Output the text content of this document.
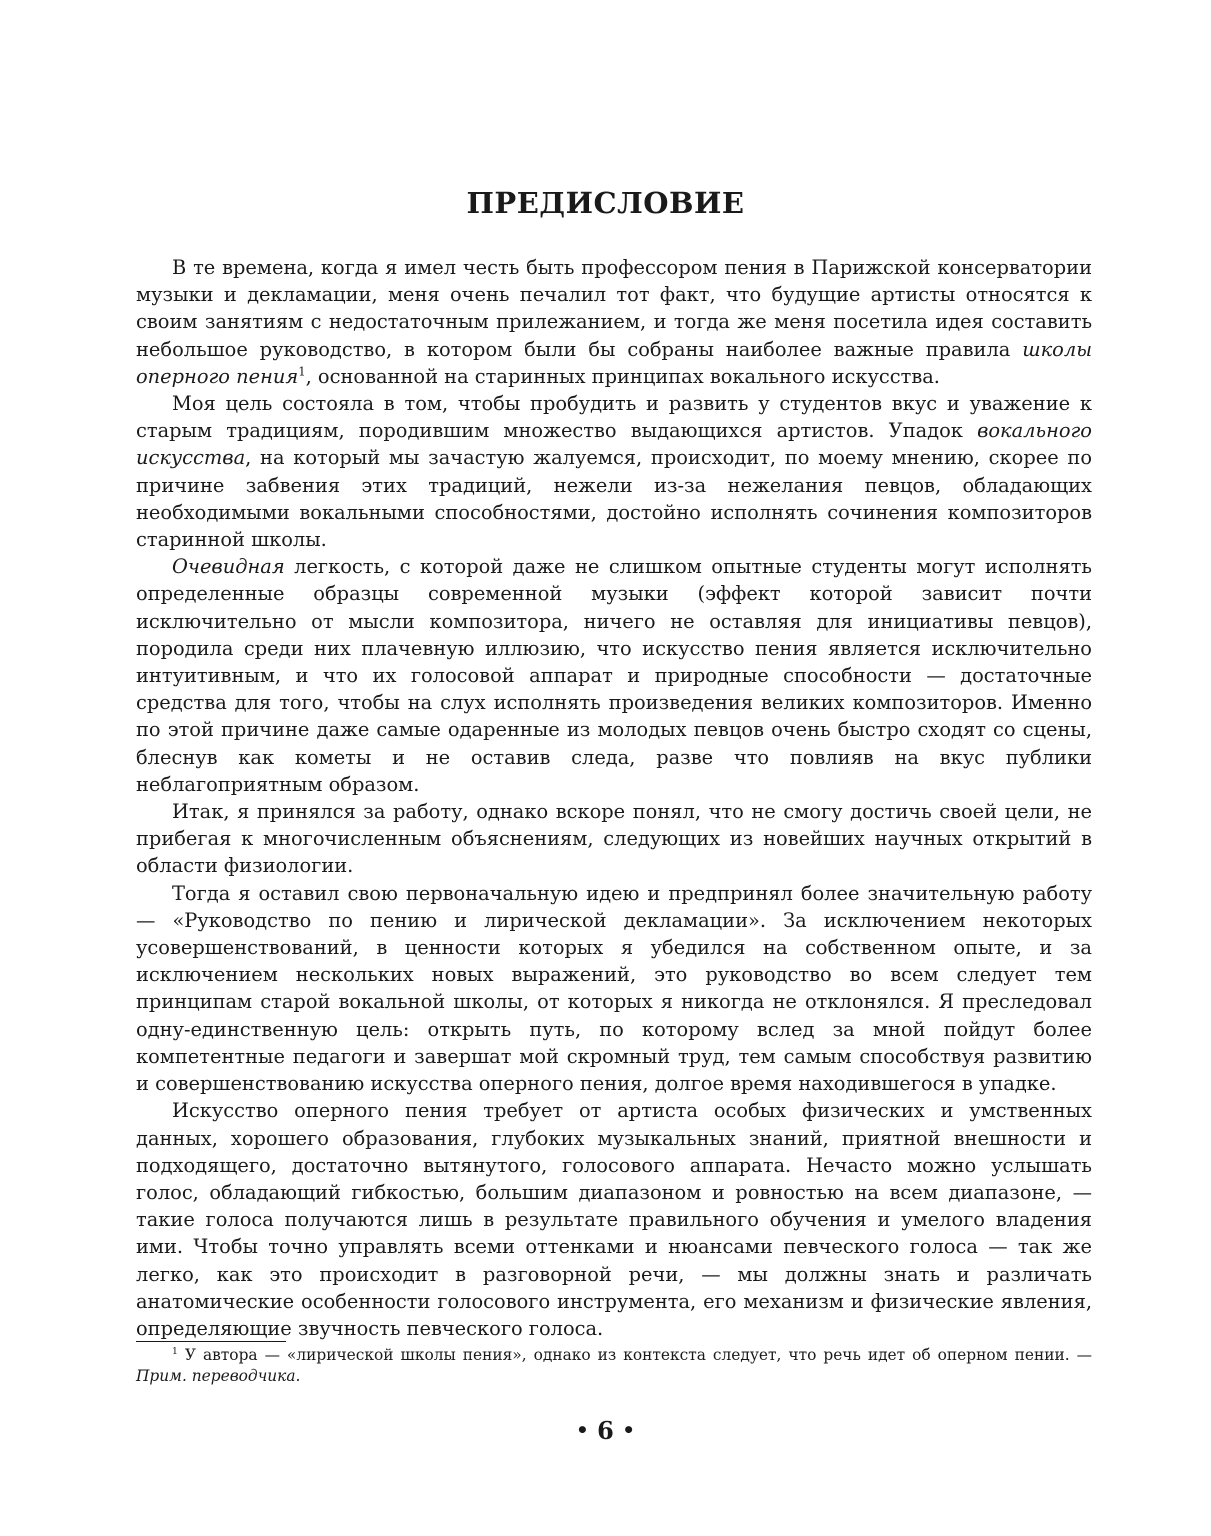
ПРЕДИСЛОВИЕ

В те времена, когда я имел честь быть профессором пения в Парижской консерватории музыки и декламации, меня очень печалил тот факт, что будущие артисты относятся к своим занятиям с недостаточным прилежанием, и тогда же меня посетила идея составить небольшое руководство, в котором были бы собраны наиболее важные правила школы оперного пения$^1$, основанной на старинных принципах вокального искусства.

Моя цель состояла в том, чтобы пробудить и развить у студентов вкус и уважение к старым традициям, породившим множество выдающихся артистов. Упадок вокального искусства, на который мы зачастую жалуемся, происходит, по моему мнению, скорее по причине забвения этих традиций, нежели из-за нежелания певцов, обладающих необходимыми вокальными способностями, достойно исполнять сочинения композиторов старинной школы.

Очевидная легкость, с которой даже не слишком опытные студенты могут исполнять определенные образцы современной музыки (эффект которой зависит почти исключительно от мысли композитора, ничего не оставляя для инициативы певцов), породила среди них плачевную иллюзию, что искусство пения является исключительно интуитивным, и что их голосовой аппарат и природные способности — достаточные средства для того, чтобы на слух исполнять произведения великих композиторов. Именно по этой причине даже самые одаренные из молодых певцов очень быстро сходят со сцены, блеснув как кометы и не оставив следа, разве что повлияв на вкус публики неблагоприятным образом.

Итак, я принялся за работу, однако вскоре понял, что не смогу достичь своей цели, не прибегая к многочисленным объяснениям, следующих из новейших научных открытий в области физиологии.

Тогда я оставил свою первоначальную идею и предпринял более значительную работу — «Руководство по пению и лирической декламации». За исключением некоторых усовершенствований, в ценности которых я убедился на собственном опыте, и за исключением нескольких новых выражений, это руководство во всем следует тем принципам старой вокальной школы, от которых я никогда не отклонялся. Я преследовал одну-единственную цель: открыть путь, по которому вслед за мной пойдут более компетентные педагоги и завершат мой скромный труд, тем самым способствуя развитию и совершенствованию искусства оперного пения, долгое время находившегося в упадке.

Искусство оперного пения требует от артиста особых физических и умственных данных, хорошего образования, глубоких музыкальных знаний, приятной внешности и подходящего, достаточно вытянутого, голосового аппарата. Нечасто можно услышать голос, обладающий гибкостью, большим диапазоном и ровностью на всем диапазоне, — такие голоса получаются лишь в результате правильного обучения и умелого владения ими. Чтобы точно управлять всеми оттенками и нюансами певческого голоса — так же легко, как это происходит в разговорной речи, — мы должны знать и различать анатомические особенности голосового инструмента, его механизм и физические явления, определяющие звучность певческого голоса.

$^1$ У автора — «лирической школы пения», однако из контекста следует, что речь идет об оперном пении. — Прим. переводчика.

• 6 •
